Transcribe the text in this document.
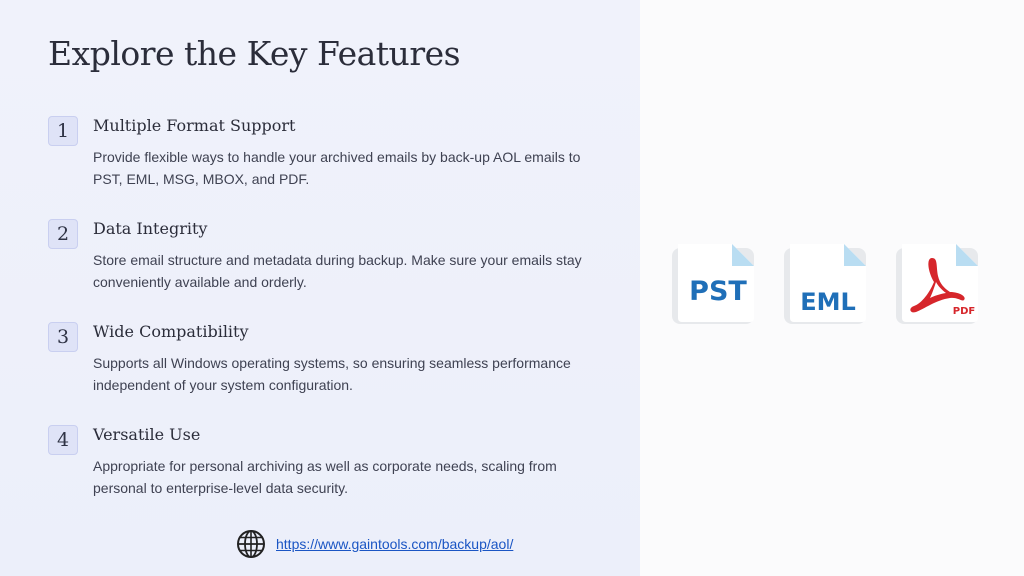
Explore the Key Features
1	Multiple Format Support
Provide flexible ways to handle your archived emails by back-up AOL emails to PST, EML, MSG, MBOX, and PDF.
2	Data Integrity
Store email structure and metadata during backup. Make sure your emails stay conveniently available and orderly.
3	Wide Compatibility
Supports all Windows operating systems, so ensuring seamless performance independent of your system configuration.
4	Versatile Use
Appropriate for personal archiving as well as corporate needs, scaling from personal to enterprise-level data security.
https://www.gaintools.com/backup/aol/
PST EML	PDF
